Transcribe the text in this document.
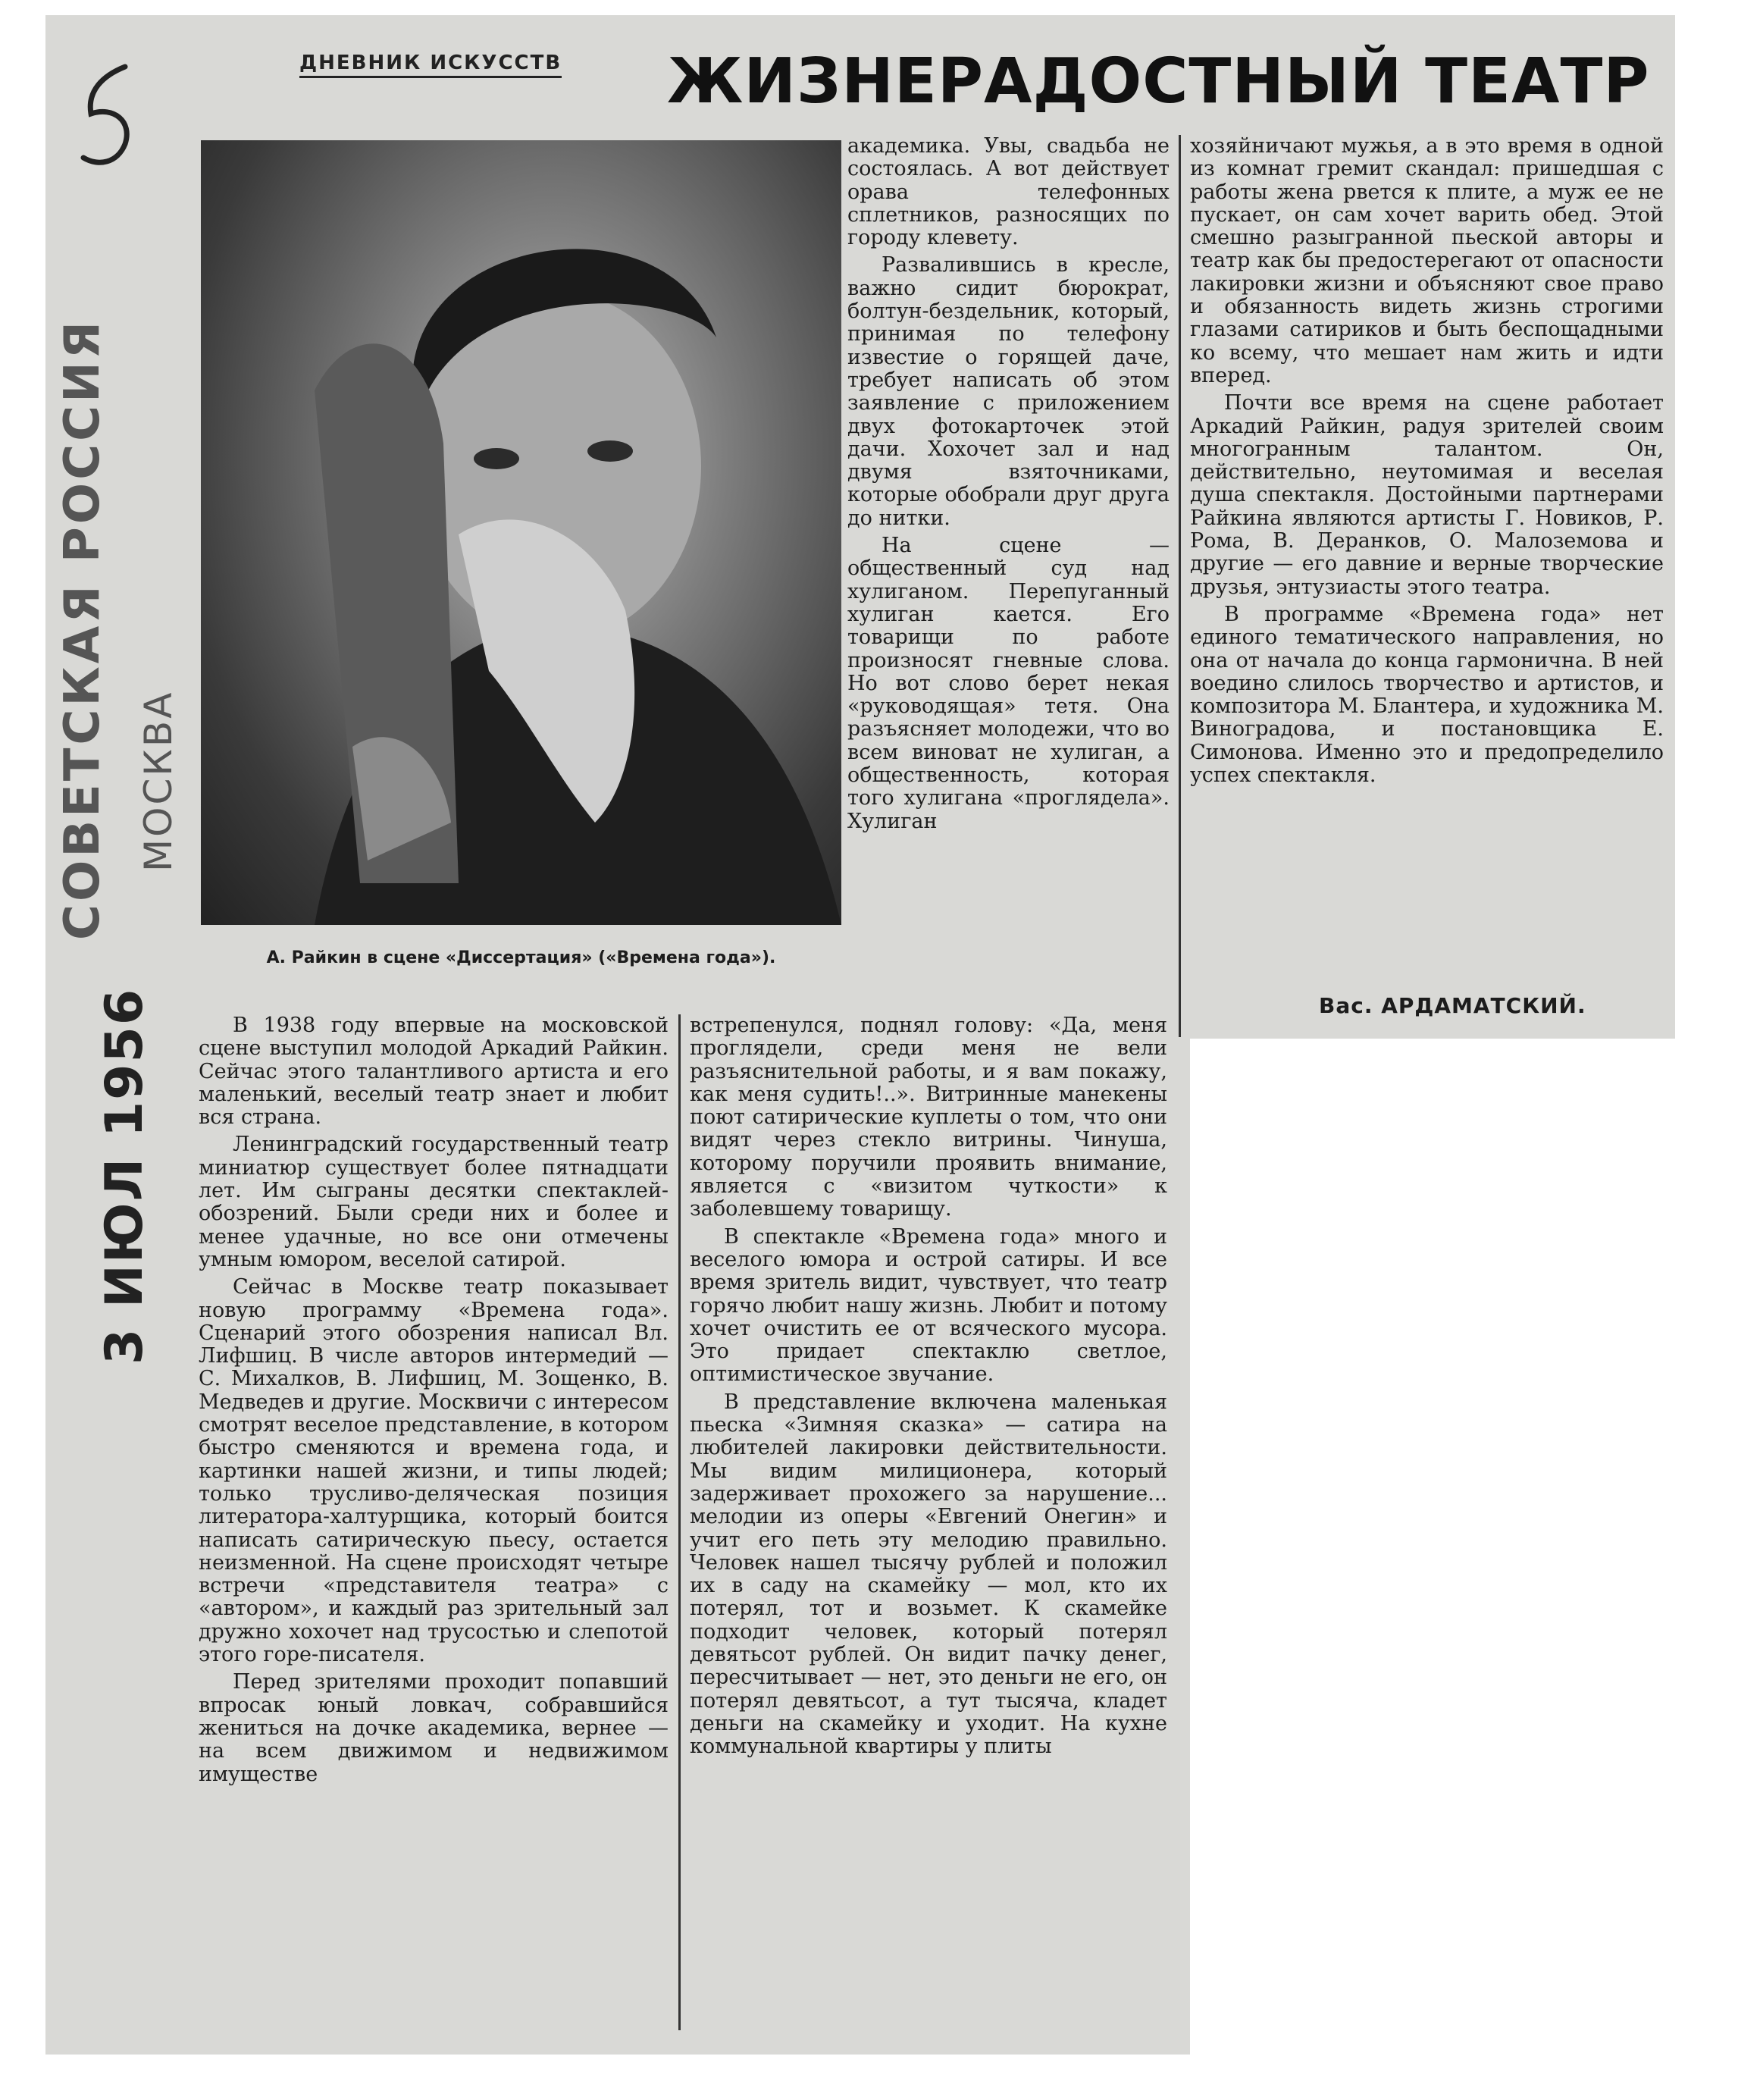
СОВЕТСКАЯ РОССИЯ МОСКВА
3 ИЮЛ 1956
ДНЕВНИК ИСКУССТВ ЖИЗНЕРАДОСТНЫЙ ТЕАТР
А. Райкин в сцене «Диссертация» («Времена года»).

В 1938 году впервые на московской сцене выступил молодой Аркадий Райкин. Сейчас этого талантливого артиста и его маленький, веселый театр знает и любит вся страна.

Ленинградский государственный театр миниатюр существует более пятнадцати лет. Им сыграны десятки спектаклей-обозрений. Были среди них и более и менее удачные, но все они отмечены умным юмором, веселой сатирой.

Сейчас в Москве театр показывает новую программу «Времена года». Сценарий этого обозрения написал Вл. Лифшиц. В числе авторов интермедий — С. Михалков, В. Лифшиц, М. Зощенко, В. Медведев и другие. Москвичи с интересом смотрят веселое представление, в котором быстро сменяются и времена года, и картинки нашей жизни, и типы людей; только трусливо-делячеcкая позиция литератора-халтурщика, который боится написать сатирическую пьесу, остается неизменной. На сцене происходят четыре встречи «представителя театра» с «автором», и каждый раз зрительный зал дружно хохочет над трусостью и слепотой этого горе-писателя.

Перед зрителями проходит попавший впросак юный ловкач, собравшийся жениться на дочке академика, вернее — на всем движимом и недвижимом имуществе

академика. Увы, свадьба не состоялась. А вот действует орава телефонных сплетников, разносящих по городу клевету.

Развалившись в кресле, важно сидит бюрократ, болтун-бездельник, который, принимая по телефону известие о горящей даче, требует написать об этом заявление с приложением двух фотокарточек этой дачи. Хохочет зал и над двумя взяточниками, которые обобрали друг друга до нитки.

На сцене — общественный суд над хулиганом. Перепуганный хулиган кается. Его товарищи по работе произносят гневные слова. Но вот слово берет некая «руководящая» тетя. Она разъясняет молодежи, что во всем виноват не хулиган, а общественность, которая того хулигана «проглядела». Хулиган

встрепенулся, поднял голову: «Да, меня проглядели, среди меня не вели разъяснительной работы, и я вам покажу, как меня судить!..». Витринные манекены поют сатирические куплеты о том, что они видят через стекло витрины. Чинуша, которому поручили проявить внимание, является с «визитом чуткости» к заболевшему товарищу.

В спектакле «Времена года» много и веселого юмора и острой сатиры. И все время зритель видит, чувствует, что театр горячо любит нашу жизнь. Любит и потому хочет очистить ее от всяческого мусора. Это придает спектаклю светлое, оптимистическое звучание.

В представление включена маленькая пьеска «Зимняя сказка» — сатира на любителей лакировки действительности. Мы видим милиционера, который задерживает прохожего за нарушение... мелодии из оперы «Евгений Онегин» и учит его петь эту мелодию правильно. Человек нашел тысячу рублей и положил их в саду на скамейку — мол, кто их потерял, тот и возьмет. К скамейке подходит человек, который потерял девятьсот рублей. Он видит пачку денег, пересчитывает — нет, это деньги не его, он потерял девятьсот, а тут тысяча, кладет деньги на скамейку и уходит. На кухне коммунальной квартиры у плиты

хозяйничают мужья, а в это время в одной из комнат гремит скандал: пришедшая с работы жена рвется к плите, а муж ее не пускает, он сам хочет варить обед. Этой смешно разыгранной пьеской авторы и театр как бы предостерегают от опасности лакировки жизни и объясняют свое право и обязанность видеть жизнь строгими глазами сатириков и быть беспощадными ко всему, что мешает нам жить и идти вперед.

Почти все время на сцене работает Аркадий Райкин, радуя зрителей своим многогранным талантом. Он, действительно, неутомимая и веселая душа спектакля. Достойными партнерами Райкина являются артисты Г. Новиков, Р. Рома, В. Деранков, О. Малоземова и другие — его давние и верные творческие друзья, энтузиасты этого театра.

В программе «Времена года» нет единого тематического направления, но она от начала до конца гармонична. В ней воедино слилось творчество и артистов, и композитора М. Блантера, и художника М. Виноградова, и постановщика Е. Симонова. Именно это и предопределило успех спектакля.

Вас. АРДАМАТСКИЙ.
